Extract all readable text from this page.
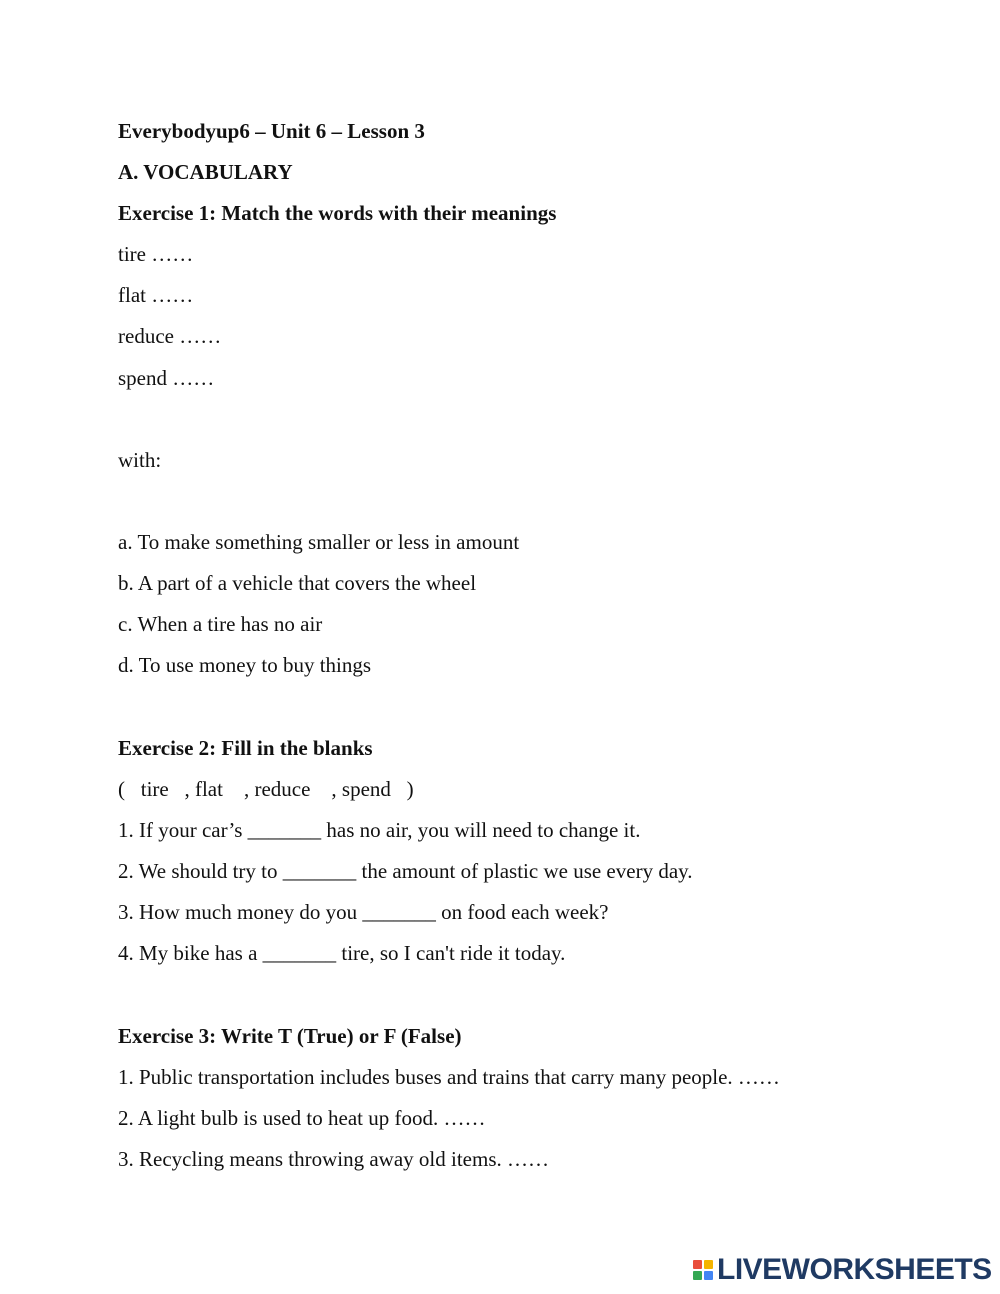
Everybodyup6 – Unit 6 – Lesson 3
A. VOCABULARY
Exercise 1: Match the words with their meanings
tire ……
flat ……
reduce ……
spend ……
with:
a. To make something smaller or less in amount
b. A part of a vehicle that covers the wheel
c. When a tire has no air
d. To use money to buy things
Exercise 2: Fill in the blanks
(   tire   , flat    , reduce    , spend   )
1. If your car’s _______ has no air, you will need to change it.
2. We should try to _______ the amount of plastic we use every day.
3. How much money do you _______ on food each week?
4. My bike has a _______ tire, so I can't ride it today.
Exercise 3: Write T (True) or F (False)
1. Public transportation includes buses and trains that carry many people. ……
2. A light bulb is used to heat up food. ……
3. Recycling means throwing away old items. ……
LIVEWORKSHEETS
